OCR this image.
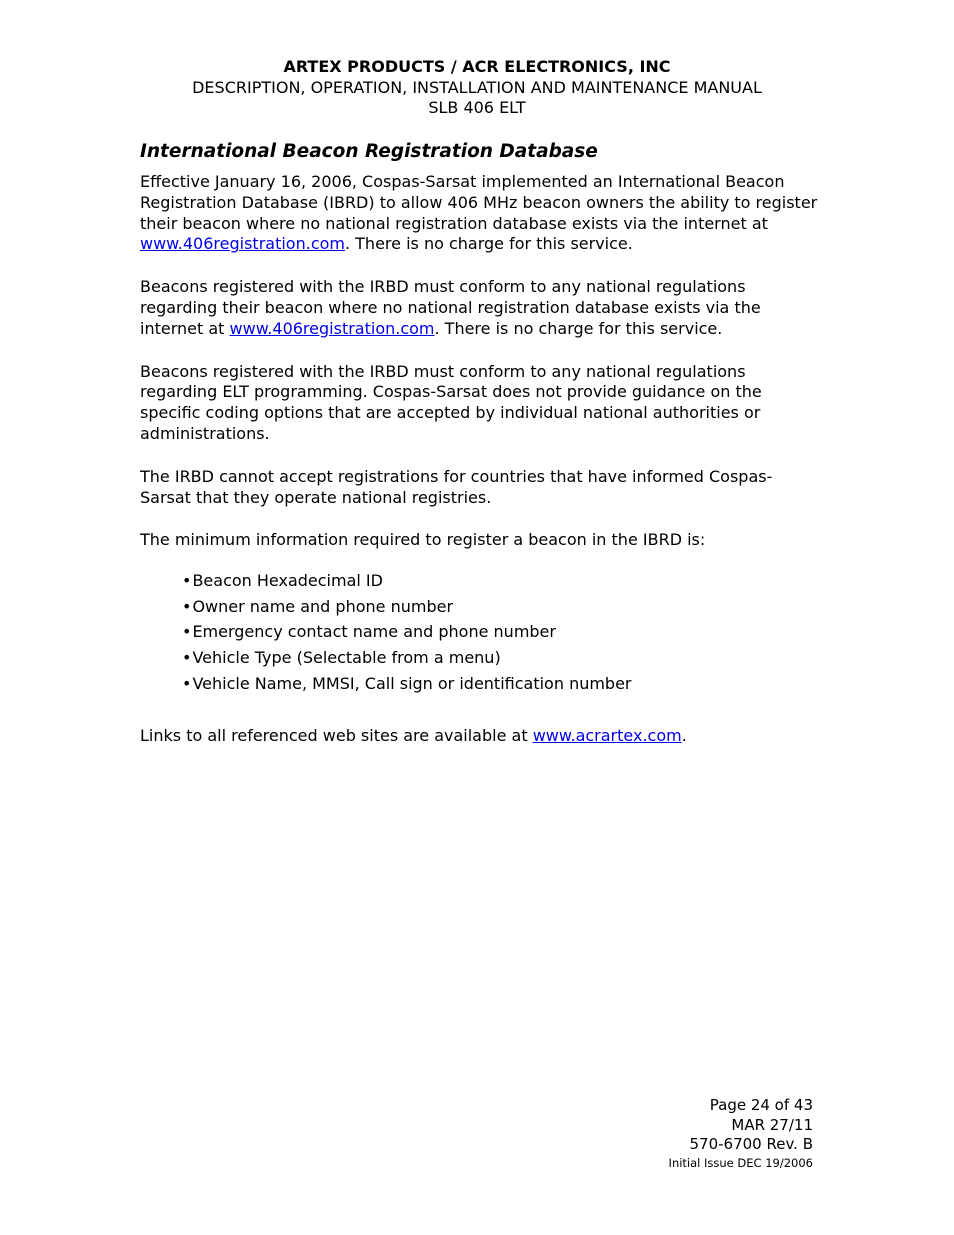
ARTEX PRODUCTS / ACR ELECTRONICS, INC
DESCRIPTION, OPERATION, INSTALLATION AND MAINTENANCE MANUAL
SLB 406 ELT
International Beacon Registration Database

Effective January 16, 2006, Cospas-Sarsat implemented an International Beacon Registration Database (IBRD) to allow 406 MHz beacon owners the ability to register their beacon where no national registration database exists via the internet at www.406registration.com. There is no charge for this service.

Beacons registered with the IRBD must conform to any national regulations regarding their beacon where no national registration database exists via the internet at www.406registration.com. There is no charge for this service.

Beacons registered with the IRBD must conform to any national regulations regarding ELT programming. Cospas-Sarsat does not provide guidance on the specific coding options that are accepted by individual national authorities or administrations.

The IRBD cannot accept registrations for countries that have informed Cospas-Sarsat that they operate national registries.

The minimum information required to register a beacon in the IBRD is:

•Beacon Hexadecimal ID
•Owner name and phone number
•Emergency contact name and phone number
•Vehicle Type (Selectable from a menu)
•Vehicle Name, MMSI, Call sign or identification number

Links to all referenced web sites are available at www.acrartex.com.

Page 24 of 43
MAR 27/11
570-6700 Rev. B
Initial Issue DEC 19/2006
